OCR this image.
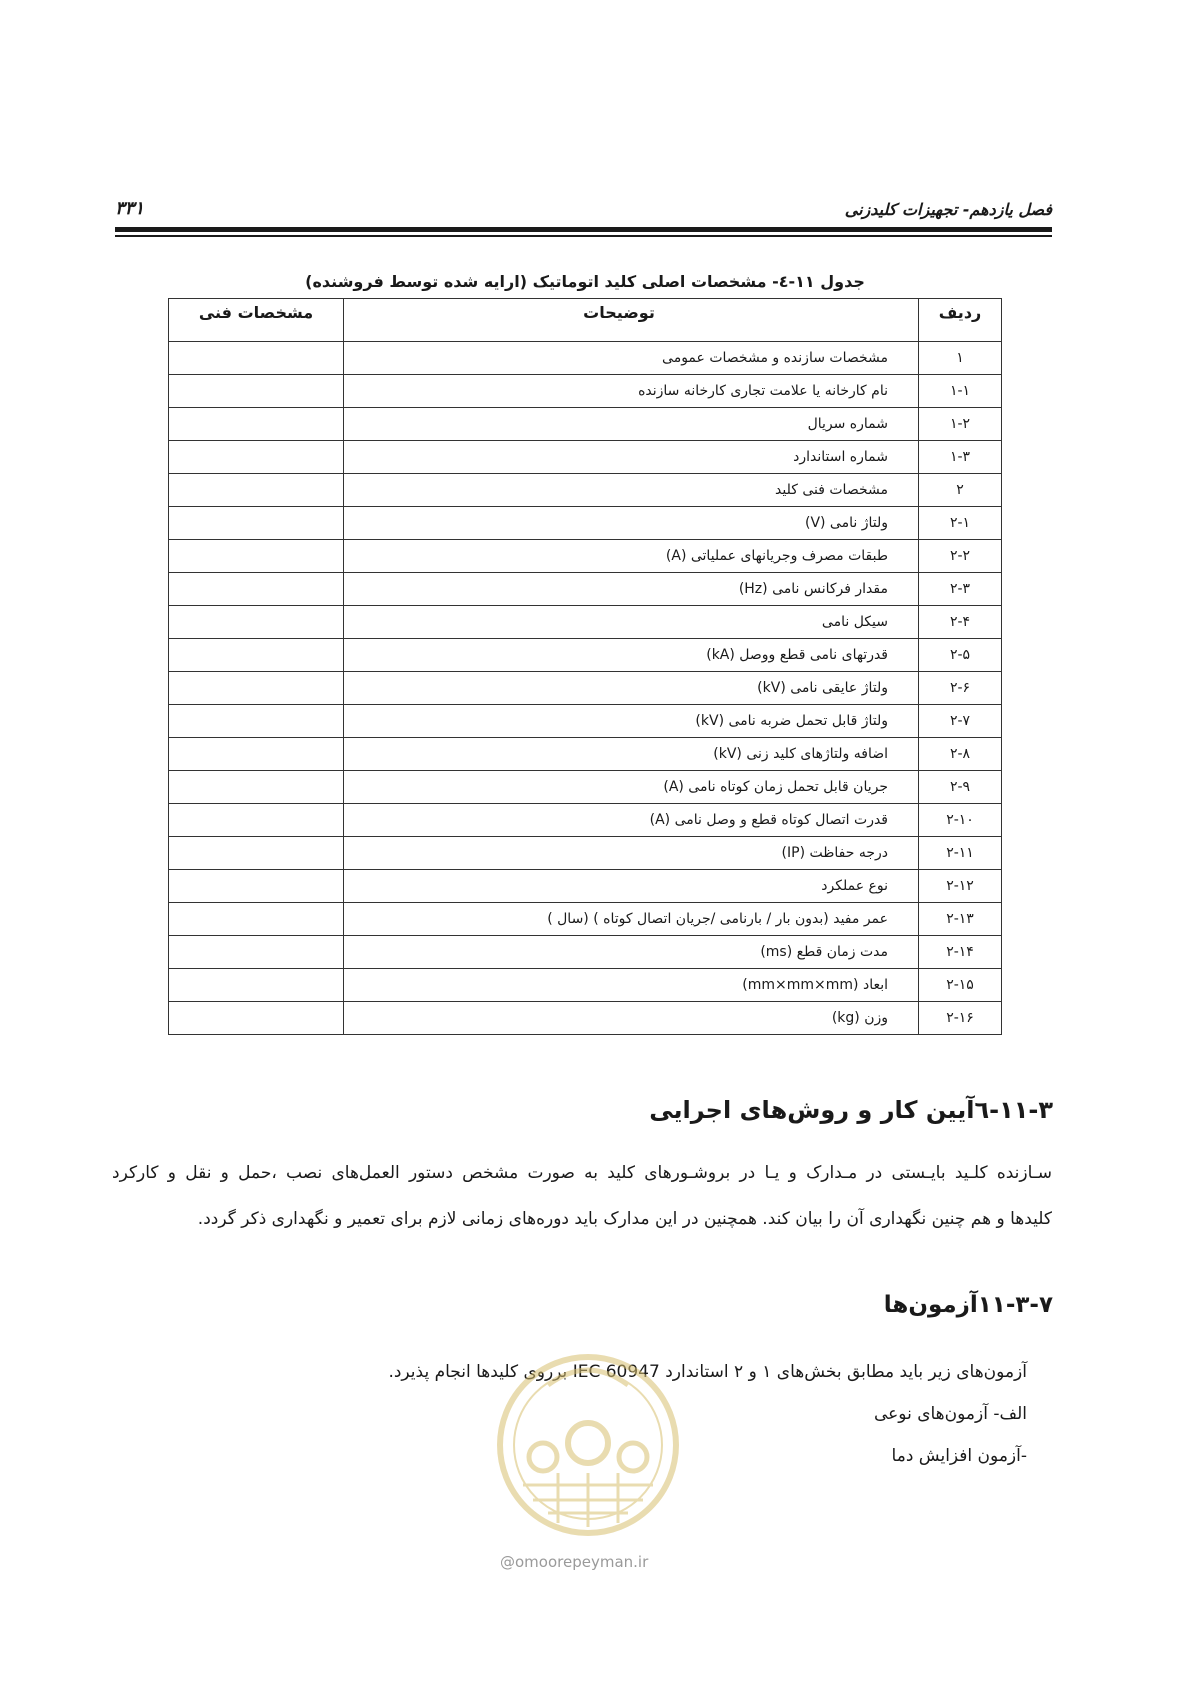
فصل یازدهم- تجهیزات کلیدزنی
۳۳۱
جدول ۱۱-٤- مشخصات اصلی کلید اتوماتیک (ارایه شده توسط فروشنده)
ردیف	توضیحات	مشخصات فنی
۱	مشخصات سازنده و مشخصات عمومی	
۱-۱	نام کارخانه یا علامت تجاری کارخانه سازنده	
۱-۲	شماره سریال	
۱-۳	شماره استاندارد	
۲	مشخصات فنی کلید	
۲-۱	ولتاژ نامی (V)	
۲-۲	طبقات مصرف وجریانهای عملیاتی (A)	
۲-۳	مقدار فرکانس نامی (Hz)	
۲-۴	سیکل نامی	
۲-۵	قدرتهای نامی قطع ووصل (kA)	
۲-۶	ولتاژ عایقی نامی (kV)	
۲-۷	ولتاژ قابل تحمل ضربه نامی (kV)	
۲-۸	اضافه ولتاژهای کلید زنی (kV)	
۲-۹	جریان قابل تحمل زمان کوتاه نامی (A)	
۲-۱۰	قدرت اتصال کوتاه قطع و وصل نامی (A)	
۲-۱۱	درجه حفاظت (IP)	
۲-۱۲	نوع عملکرد	
۲-۱۳	عمر مفید (بدون بار / بارنامی /جریان اتصال کوتاه ) (سال )	
۲-۱۴	مدت زمان قطع (ms)	
۲-۱۵	ابعاد (mm×mm×mm)	
۲-۱۶	وزن (kg)	
۱۱-۳-٦آیین کار و روش‌های اجرایی
سـازنده کلـید بایـستی در مـدارک و یـا در بروشـورهای کلید به صورت مشخص دستور العمل‌های نصب ،حمل و نقل و کارکرد
کلیدها و هم چنین نگهداری آن را بیان کند. همچنین در این مدارک باید دوره‌های زمانی لازم برای تعمیر و نگهداری ذکر گردد.
۱۱-۳-۷آزمون‌ها
آزمون‌های زیر باید مطابق بخش‌های ۱ و ۲ استاندارد IEC 60947 برروی کلیدها انجام پذیرد.
الف- آزمون‌های نوعی
-آزمون افزایش دما
@omoorepeyman.ir
